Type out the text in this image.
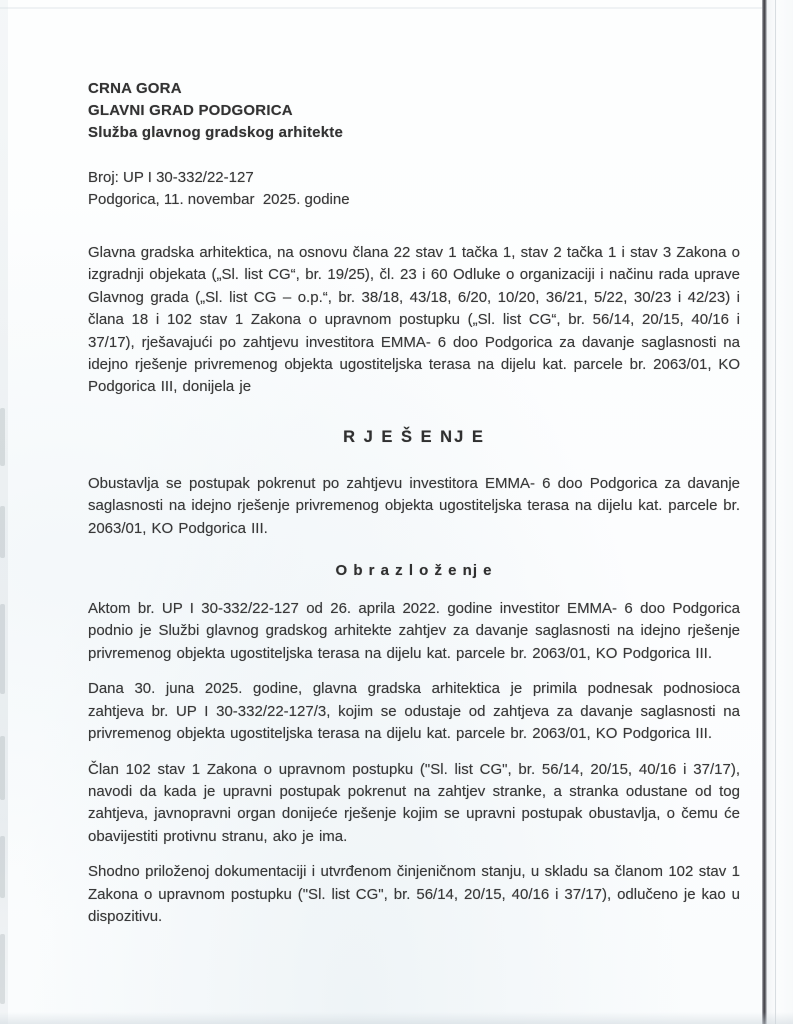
CRNA GORA
GLAVNI GRAD PODGORICA
Služba glavnog gradskog arhitekte
Broj: UP I 30-332/22-127
Podgorica, 11. novembar  2025. godine

Glavna gradska arhitektica, na osnovu člana 22 stav 1 tačka 1, stav 2 tačka 1 i stav 3 Zakona o izgradnji objekata („Sl. list CG“, br. 19/25), čl. 23 i 60 Odluke o organizaciji i načinu rada uprave Glavnog grada („Sl. list CG – o.p.“, br. 38/18, 43/18, 6/20, 10/20, 36/21, 5/22, 30/23 i 42/23) i člana 18 i 102 stav 1 Zakona o upravnom postupku („Sl. list CG“, br. 56/14, 20/15, 40/16 i 37/17), rješavajući po zahtjevu investitora EMMA- 6 doo Podgorica za davanje saglasnosti na idejno rješenje privremenog objekta ugostiteljska terasa na dijelu kat. parcele br. 2063/01, KO Podgorica III, donijela je

R J E Š E NJ E

Obustavlja se postupak pokrenut po zahtjevu investitora EMMA- 6 doo Podgorica za davanje saglasnosti na idejno rješenje privremenog objekta ugostiteljska terasa na dijelu kat. parcele br. 2063/01, KO Podgorica III.

O b r a z l o ž e nj e

Aktom br. UP I 30-332/22-127 od 26. aprila 2022. godine investitor EMMA- 6 doo Podgorica podnio je Službi glavnog gradskog arhitekte zahtjev za davanje saglasnosti na idejno rješenje privremenog objekta ugostiteljska terasa na dijelu kat. parcele br. 2063/01, KO Podgorica III.

Dana 30. juna 2025. godine, glavna gradska arhitektica je primila podnesak podnosioca zahtjeva br. UP I 30-332/22-127/3, kojim se odustaje od zahtjeva za davanje saglasnosti na privremenog objekta ugostiteljska terasa na dijelu kat. parcele br. 2063/01, KO Podgorica III.

Član 102 stav 1 Zakona o upravnom postupku ("Sl. list CG", br. 56/14, 20/15, 40/16 i 37/17), navodi da kada je upravni postupak pokrenut na zahtjev stranke, a stranka odustane od tog zahtjeva, javnopravni organ donijeće rješenje kojim se upravni postupak obustavlja, o čemu će obavijestiti protivnu stranu, ako je ima.

Shodno priloženoj dokumentaciji i utvrđenom činjeničnom stanju, u skladu sa članom 102 stav 1 Zakona o upravnom postupku ("Sl. list CG", br. 56/14, 20/15, 40/16 i 37/17), odlučeno je kao u dispozitivu.
